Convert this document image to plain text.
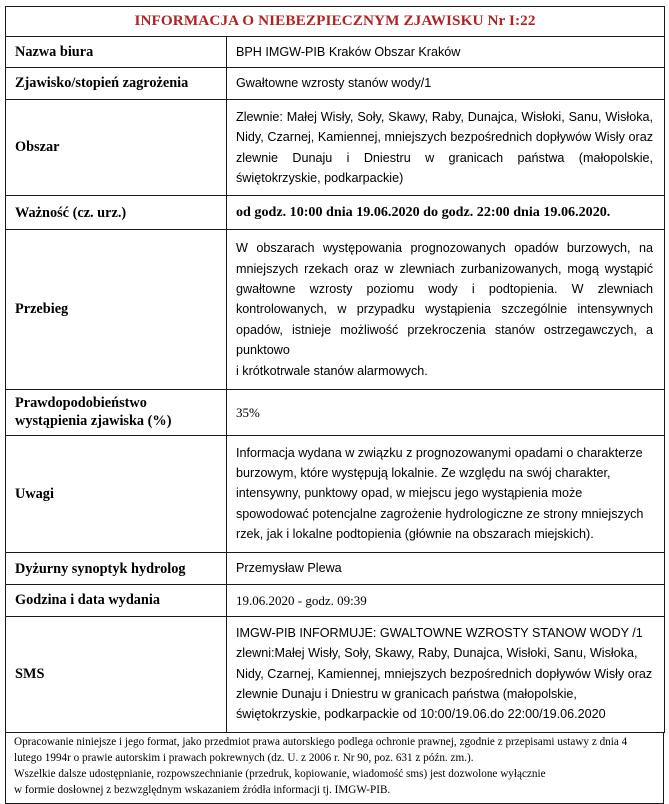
INFORMACJA O NIEBEZPIECZNYM ZJAWISKU Nr I:22	
Nazwa biura	BPH IMGW-PIB Kraków Obszar Kraków
Zjawisko/stopień zagrożenia	Gwałtowne wzrosty stanów wody/1
Obszar	Zlewnie: Małej Wisły, Soły, Skawy, Raby, Dunajca, Wisłoki, Sanu, Wisłoka, Nidy, Czarnej, Kamiennej, mniejszych bezpośrednich dopływów Wisły oraz zlewnie Dunaju i Dniestru w granicach państwa (małopolskie, świętokrzyskie, podkarpackie)
Ważność (cz. urz.)	od godz. 10:00 dnia 19.06.2020 do godz. 22:00 dnia 19.06.2020.
Przebieg	W obszarach występowania prognozowanych opadów burzowych, na mniejszych rzekach oraz w zlewniach zurbanizowanych, mogą wystąpić gwałtowne wzrosty poziomu wody i podtopienia. W zlewniach kontrolowanych, w przypadku wystąpienia szczególnie intensywnych opadów, istnieje możliwość przekroczenia stanów ostrzegawczych, a punktowo

i krótkotrwale stanów alarmowych.

Prawdopodobieństwo wystąpienia zjawiska (%)	35%
Uwagi	Informacja wydana w związku z prognozowanymi opadami o charakterze burzowym, które występują lokalnie. Ze względu na swój charakter, intensywny, punktowy opad, w miejscu jego wystąpienia może spowodować potencjalne zagrożenie hydrologiczne ze strony mniejszych rzek, jak i lokalne podtopienia (głównie na obszarach miejskich).
Dyżurny synoptyk hydrolog	Przemysław Plewa
Godzina i data wydania	19.06.2020 - godz. 09:39
SMS	IMGW-PIB INFORMUJE: GWALTOWNE WZROSTY STANOW WODY /1 zlewni:Małej Wisły, Soły, Skawy, Raby, Dunajca, Wisłoki, Sanu, Wisłoka, Nidy, Czarnej, Kamiennej, mniejszych bezpośrednich dopływów Wisły oraz zlewnie Dunaju i Dniestru w granicach państwa (małopolskie, świętokrzyskie, podkarpackie od 10:00/19.06.do 22:00/19.06.2020

Opracowanie niniejsze i jego format, jako przedmiot prawa autorskiego podlega ochronie prawnej, zgodnie z przepisami ustawy z dnia 4 lutego 1994r o prawie autorskim i prawach pokrewnych (dz. U. z 2006 r. Nr 90, poz. 631 z późn. zm.).

Wszelkie dalsze udostępnianie, rozpowszechnianie (przedruk, kopiowanie, wiadomość sms) jest dozwolone wyłącznie

w formie dosłownej z bezwzględnym wskazaniem źródła informacji tj. IMGW-PIB.
